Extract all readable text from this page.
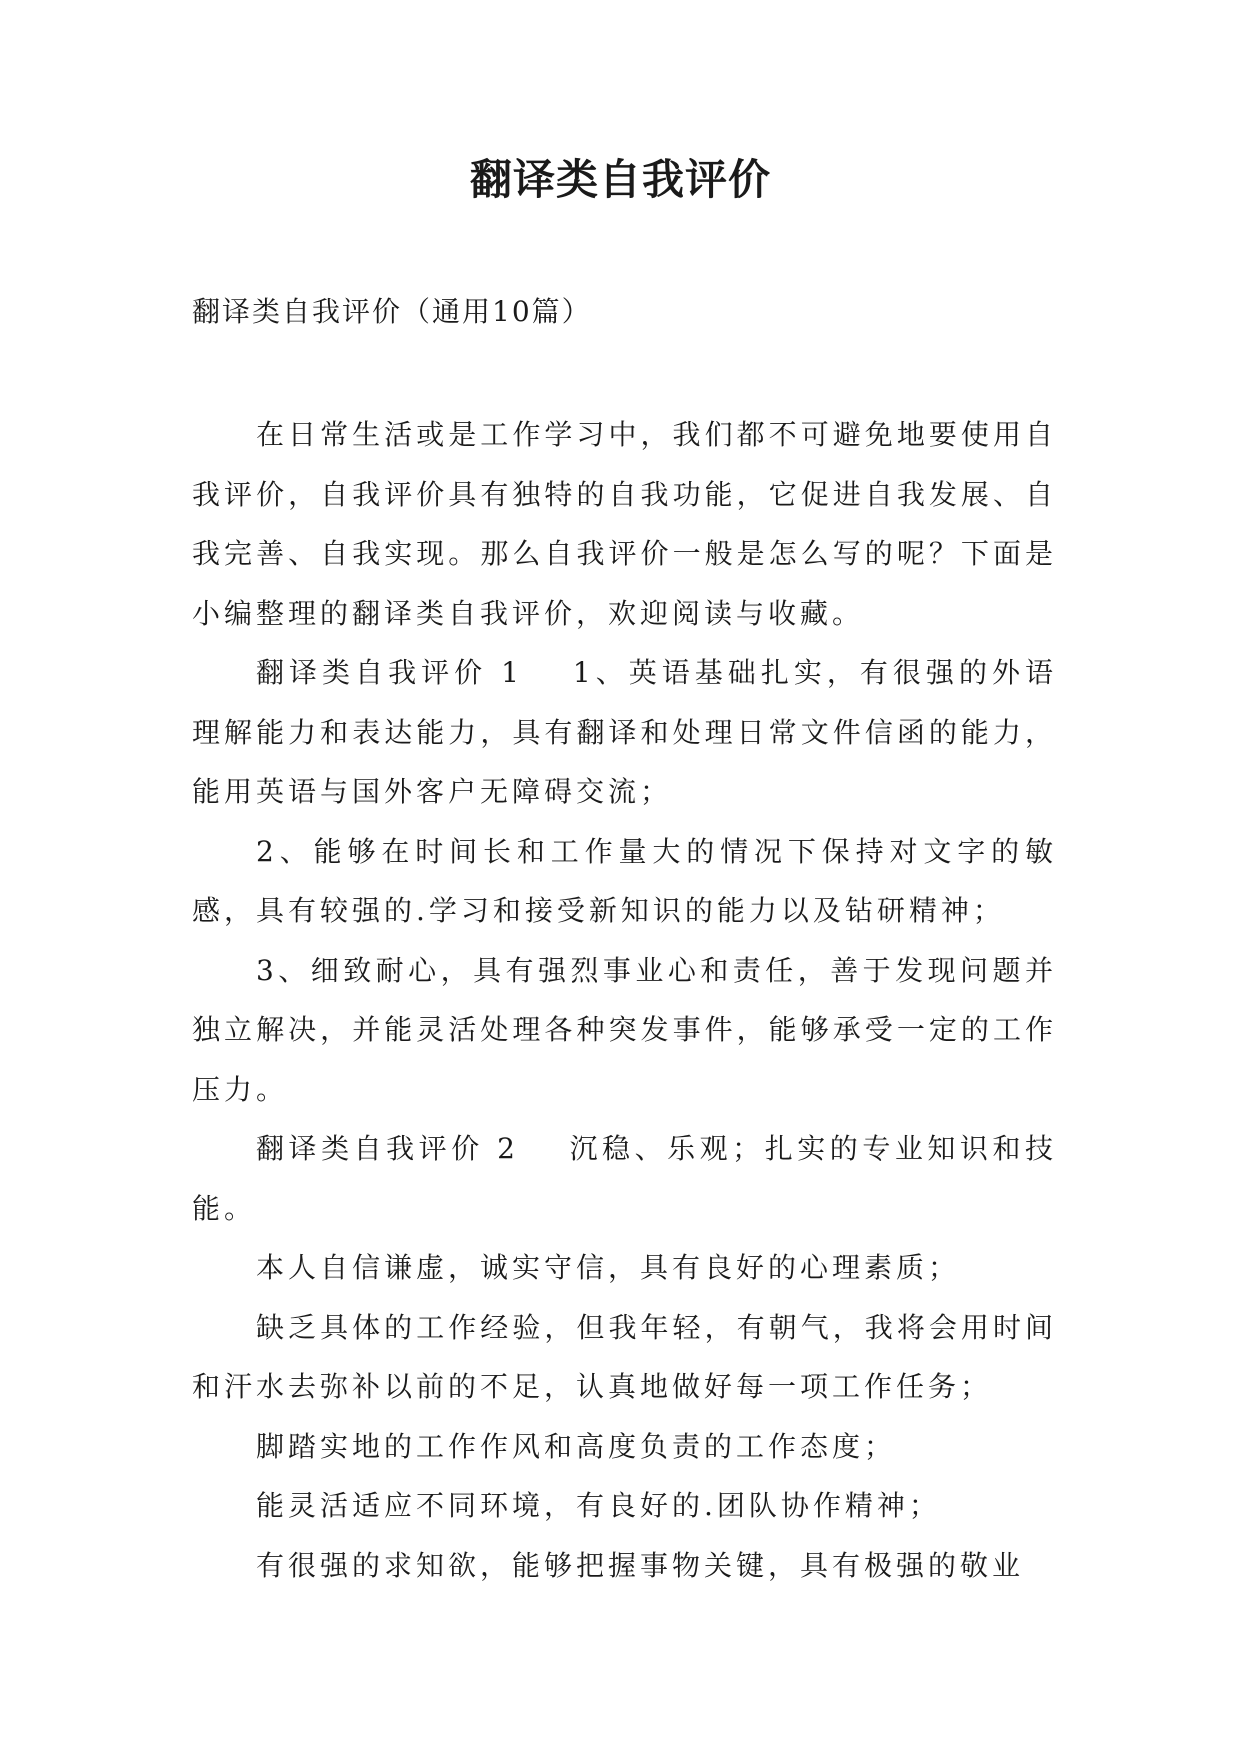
翻译类自我评价
翻译类自我评价（通用10篇）

在日常生活或是工作学习中，我们都不可避免地要使用自我评价，自我评价具有独特的自我功能，它促进自我发展、自我完善、自我实现。那么自我评价一般是怎么写的呢？下面是小编整理的翻译类自我评价，欢迎阅读与收藏。

翻译类自我评价 1 1、英语基础扎实，有很强的外语理解能力和表达能力，具有翻译和处理日常文件信函的能力，能用英语与国外客户无障碍交流；

2、能够在时间长和工作量大的情况下保持对文字的敏感，具有较强的.学习和接受新知识的能力以及钻研精神；

3、细致耐心，具有强烈事业心和责任，善于发现问题并独立解决，并能灵活处理各种突发事件，能够承受一定的工作压力。

翻译类自我评价 2 沉稳、乐观；扎实的专业知识和技能。

本人自信谦虚，诚实守信，具有良好的心理素质；

缺乏具体的工作经验，但我年轻，有朝气，我将会用时间和汗水去弥补以前的不足，认真地做好每一项工作任务；

脚踏实地的工作作风和高度负责的工作态度；

能灵活适应不同环境，有良好的.团队协作精神；

有很强的求知欲，能够把握事物关键，具有极强的敬业
